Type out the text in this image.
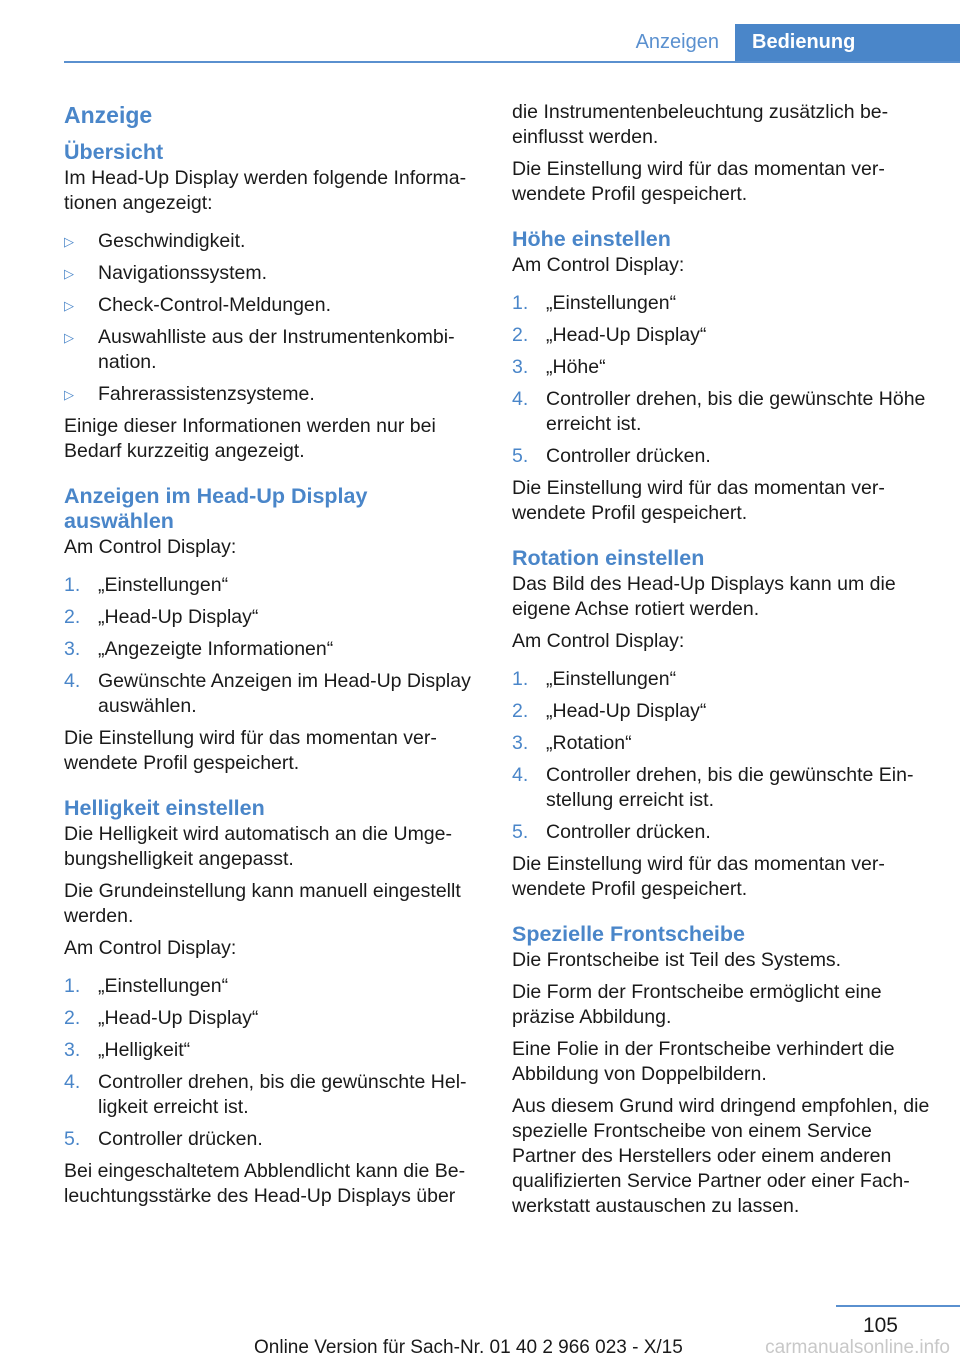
Anzeigen	Bedienung
Anzeige
Übersicht
Im Head-Up Display werden folgende Informationen angezeigt:
▷	Geschwindigkeit.
▷	Navigationssystem.
▷	Check-Control-Meldungen.
▷	Auswahlliste aus der Instrumentenkombination.
▷	Fahrerassistenzsysteme.
Einige dieser Informationen werden nur bei Bedarf kurzzeitig angezeigt.
Anzeigen im Head-Up Display auswählen
Am Control Display:
1. „Einstellungen“
2. „Head-Up Display“
3. „Angezeigte Informationen“
4. Gewünschte Anzeigen im Head-Up Display auswählen.
Die Einstellung wird für das momentan verwendete Profil gespeichert.
Helligkeit einstellen
Die Helligkeit wird automatisch an die Umgebungshelligkeit angepasst.
Die Grundeinstellung kann manuell eingestellt werden.
Am Control Display:
1. „Einstellungen“
2. „Head-Up Display“
3. „Helligkeit“
4. Controller drehen, bis die gewünschte Helligkeit erreicht ist.
5. Controller drücken.
Bei eingeschaltetem Abblendlicht kann die Beleuchtungsstärke des Head-Up Displays über
die Instrumentenbeleuchtung zusätzlich beeinflusst werden.
Die Einstellung wird für das momentan verwendete Profil gespeichert.
Höhe einstellen
Am Control Display:
1. „Einstellungen“
2. „Head-Up Display“
3. „Höhe“
4. Controller drehen, bis die gewünschte Höhe erreicht ist.
5. Controller drücken.
Die Einstellung wird für das momentan verwendete Profil gespeichert.
Rotation einstellen
Das Bild des Head-Up Displays kann um die eigene Achse rotiert werden.
Am Control Display:
1. „Einstellungen“
2. „Head-Up Display“
3. „Rotation“
4. Controller drehen, bis die gewünschte Einstellung erreicht ist.
5. Controller drücken.
Die Einstellung wird für das momentan verwendete Profil gespeichert.
Spezielle Frontscheibe
Die Frontscheibe ist Teil des Systems.
Die Form der Frontscheibe ermöglicht eine präzise Abbildung.
Eine Folie in der Frontscheibe verhindert die Abbildung von Doppelbildern.
Aus diesem Grund wird dringend empfohlen, die spezielle Frontscheibe von einem Service Partner des Herstellers oder einem anderen qualifizierten Service Partner oder einer Fachwerkstatt austauschen zu lassen.
105
Online Version für Sach-Nr. 01 40 2 966 023 - X/15	carmanualsonline.info
